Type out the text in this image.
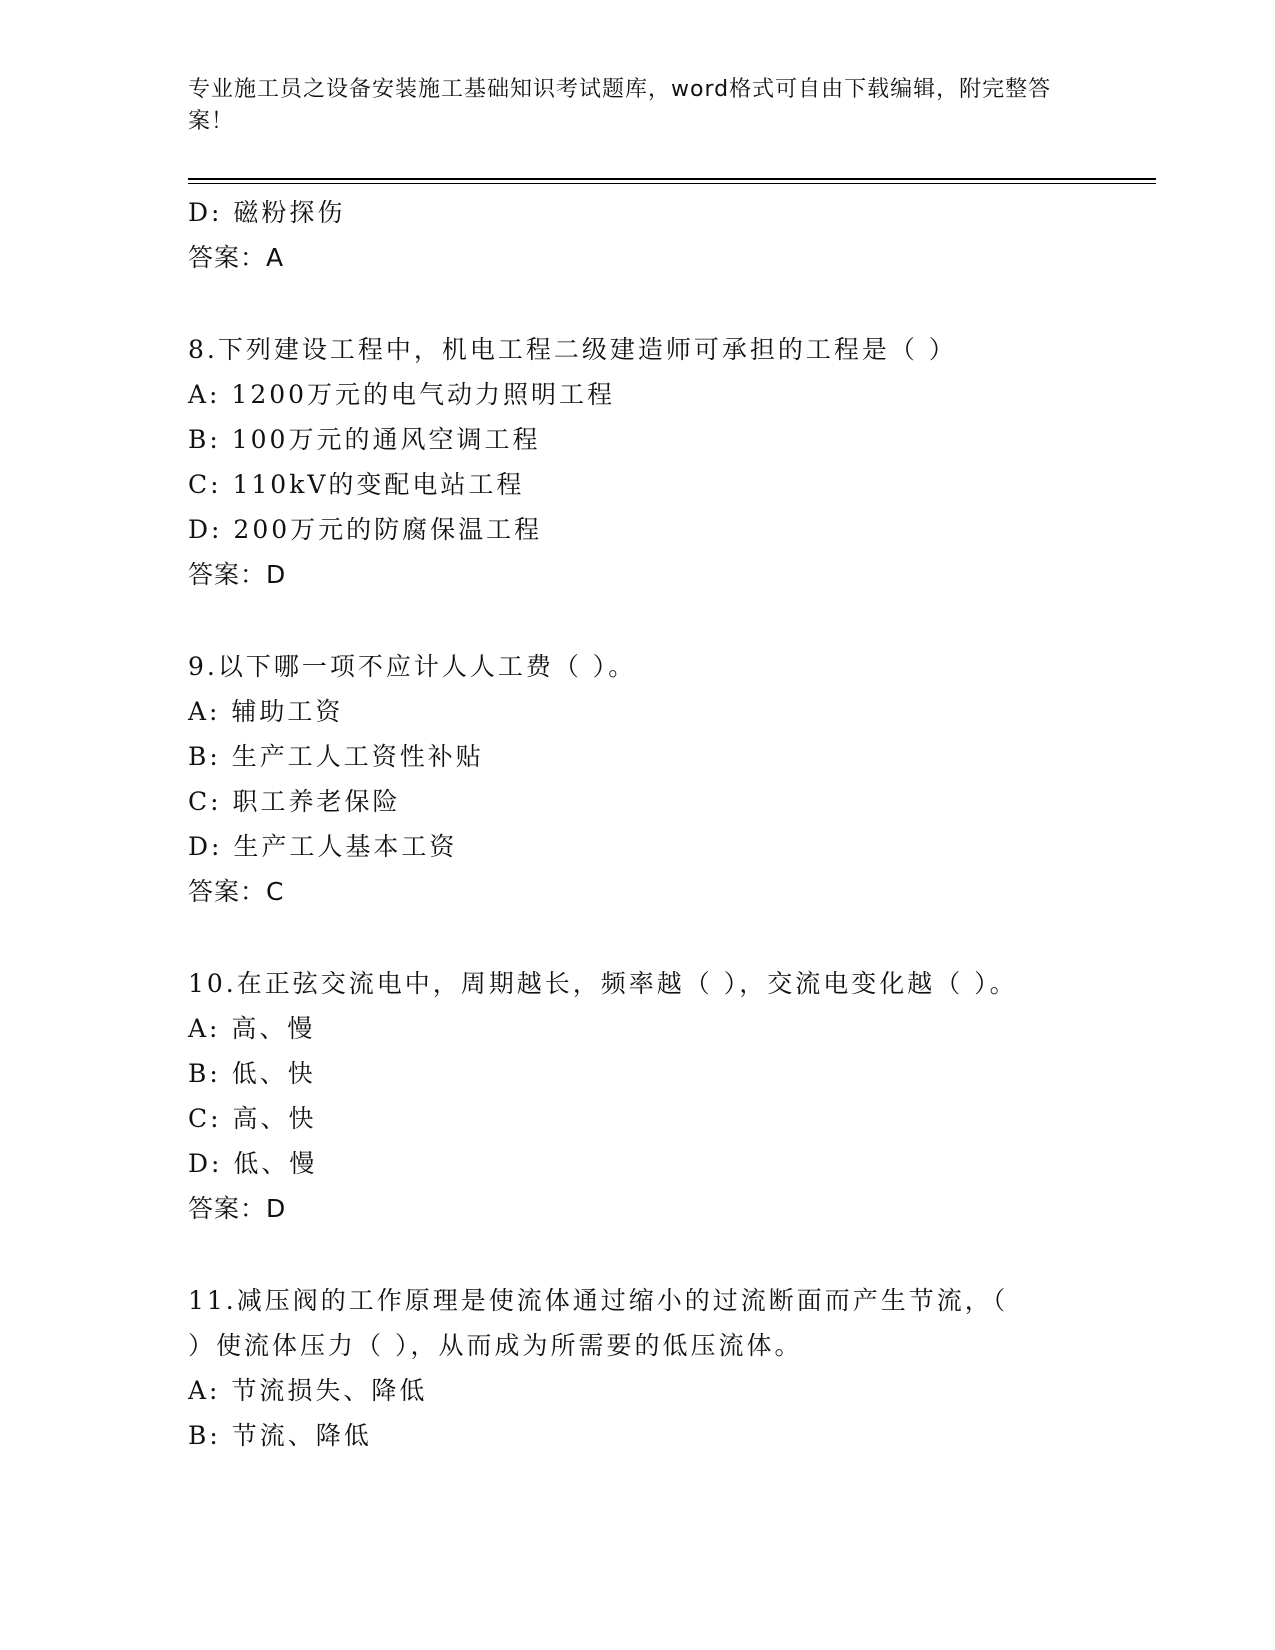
专业施工员之设备安装施工基础知识考试题库，word格式可自由下载编辑，附完整答案！
D: 磁粉探伤
答案：A
8.下列建设工程中，机电工程二级建造师可承担的工程是（ ）
A: 1200万元的电气动力照明工程
B: 100万元的通风空调工程
C: 110kV的变配电站工程
D: 200万元的防腐保温工程
答案：D
9.以下哪一项不应计人人工费（ ）。
A: 辅助工资
B: 生产工人工资性补贴
C: 职工养老保险
D: 生产工人基本工资
答案：C
10.在正弦交流电中，周期越长，频率越（ ），交流电变化越（ ）。
A: 高、慢
B: 低、快
C: 高、快
D: 低、慢
答案：D
11.减压阀的工作原理是使流体通过缩小的过流断面而产生节流，（
）使流体压力（ ），从而成为所需要的低压流体。
A: 节流损失、降低
B: 节流、降低
